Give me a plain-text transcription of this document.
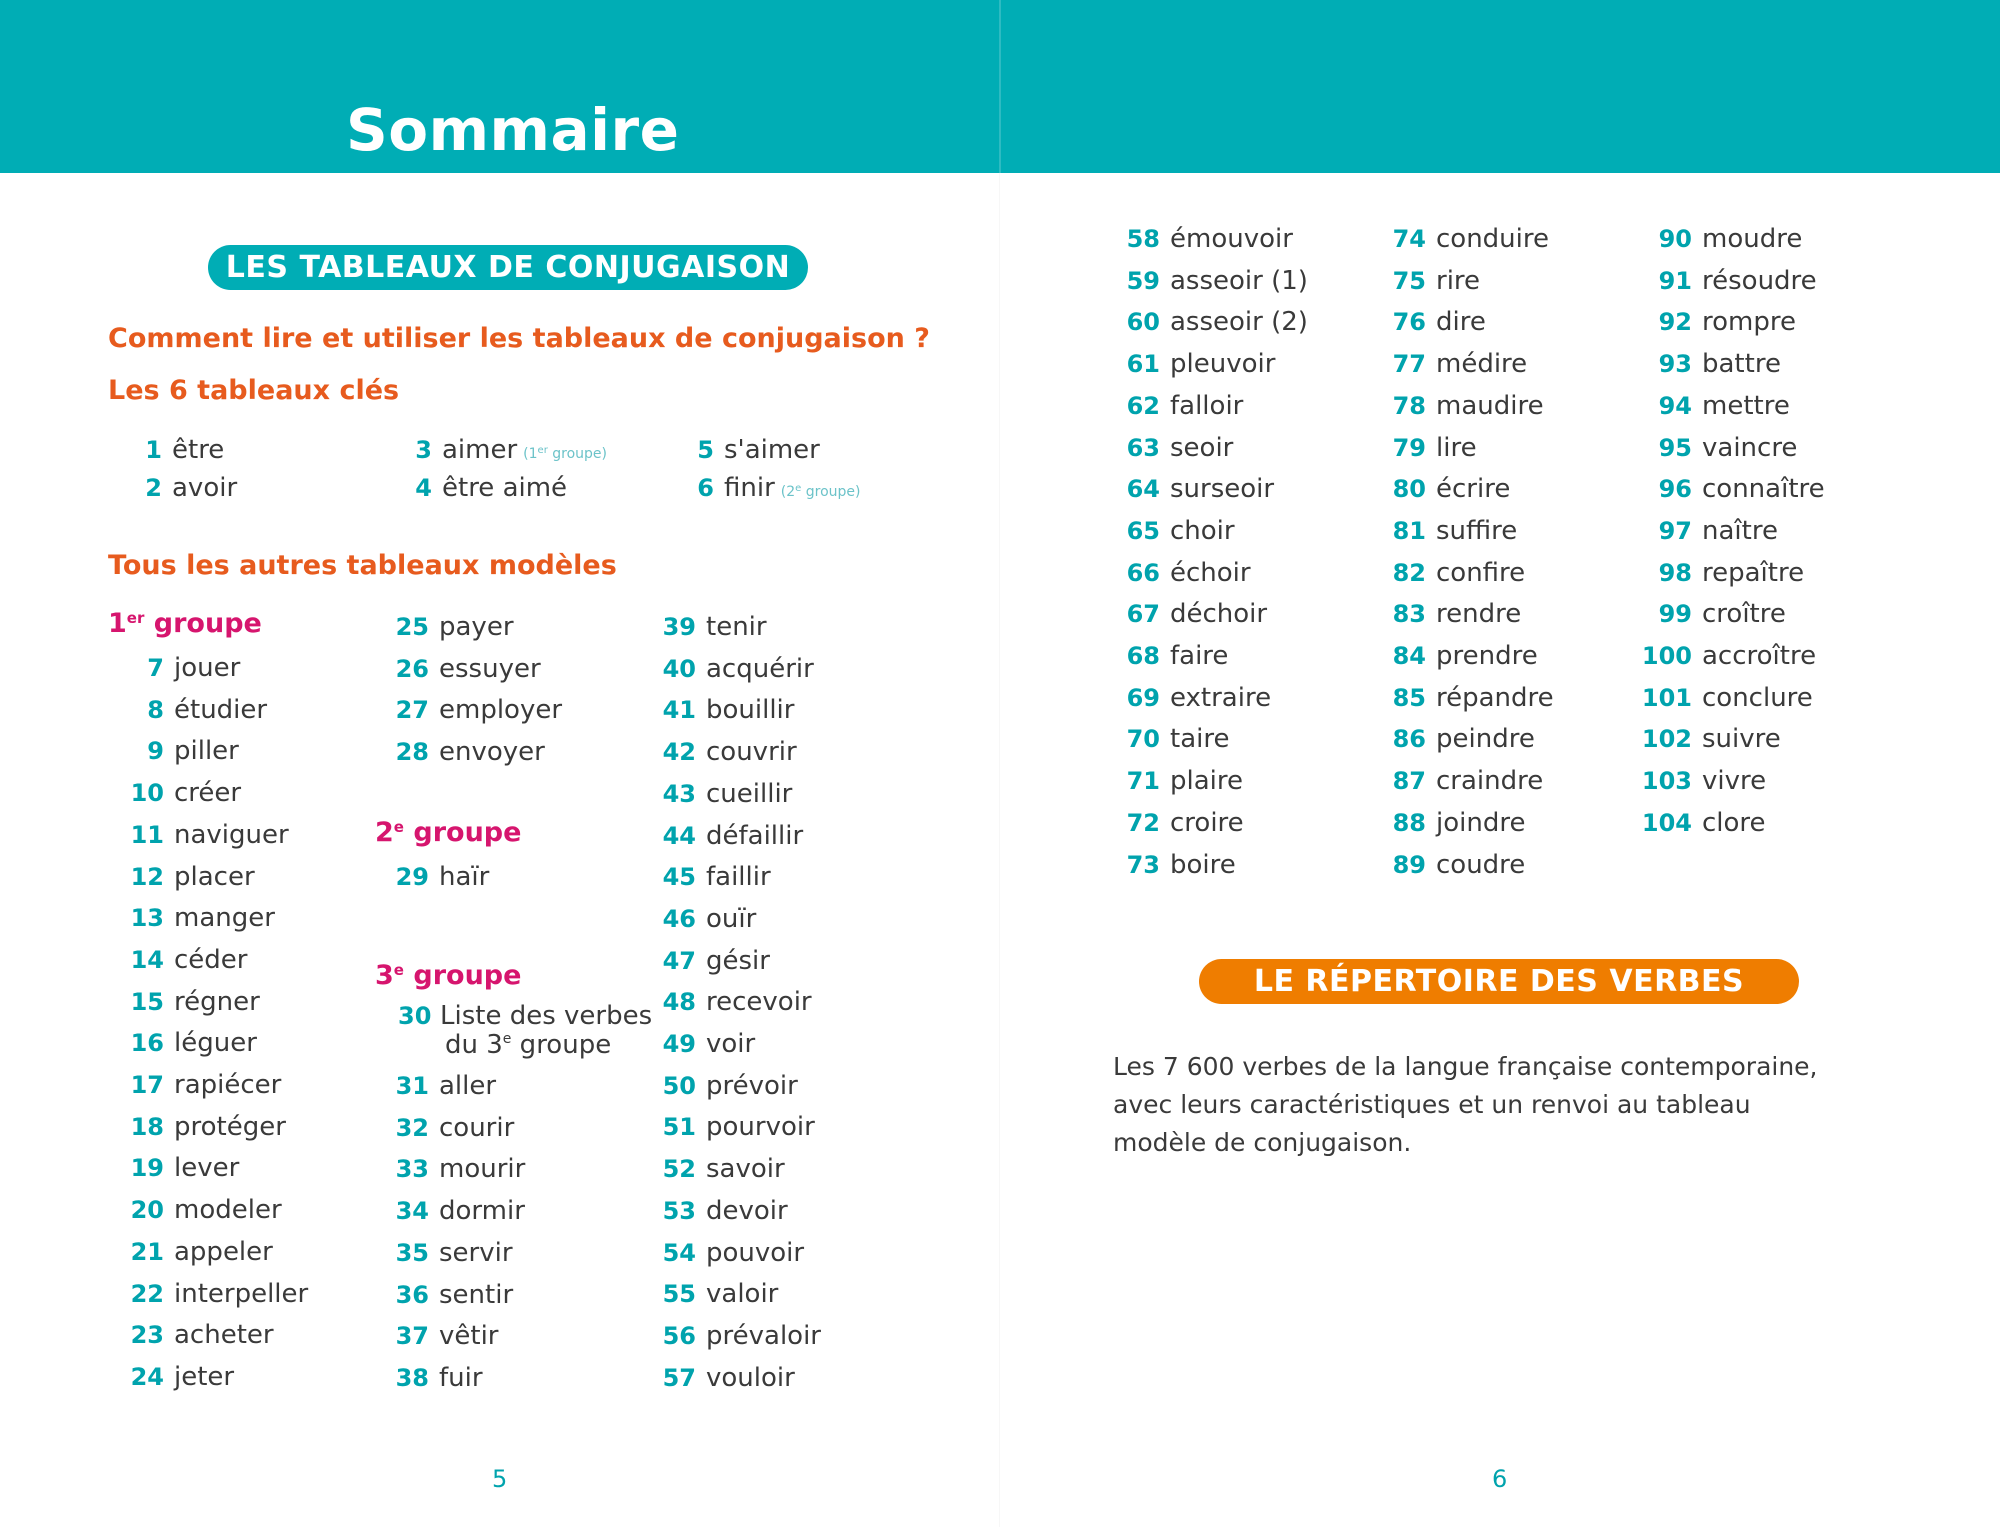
Sommaire
LES TABLEAUX DE CONJUGAISON
Comment lire et utiliser les tableaux de conjugaison ?
Les 6 tableaux clés
1 être
2 avoir
3 aimer (1er groupe)
4 être aimé
5 s'aimer
6 finir (2e groupe)
Tous les autres tableaux modèles
1er groupe
2e groupe
3e groupe
30 Liste des verbes
du 3e groupe
Les 7 600 verbes de la langue française contemporaine, avec leurs caractéristiques et un renvoi au tableau modèle de conjugaison.
LE RÉPERTOIRE DES VERBES
5	6
7 jouer
8 étudier
9 piller
10 créer
11 naviguer
12 placer
13 manger
14 céder
15 régner
16 léguer
17 rapiécer
18 protéger
19 lever
20 modeler
21 appeler
22 interpeller
23 acheter
24 jeter
25 payer
26 essuyer
27 employer
28 envoyer
29 haïr
31 aller
32 courir
33 mourir
34 dormir
35 servir
36 sentir
37 vêtir
38 fuir
39 tenir
40 acquérir
41 bouillir
42 couvrir
43 cueillir
44 défaillir
45 faillir
46 ouïr
47 gésir
48 recevoir
49 voir
50 prévoir
51 pourvoir
52 savoir
53 devoir
54 pouvoir
55 valoir
56 prévaloir
57 vouloir
58 émouvoir
59 asseoir (1)
60 asseoir (2)
61 pleuvoir
62 falloir
63 seoir
64 surseoir
65 choir
66 échoir
67 déchoir
68 faire
69 extraire
70 taire
71 plaire
72 croire
73 boire
74 conduire
75 rire
76 dire
77 médire
78 maudire
79 lire
80 écrire
81 suffire
82 confire
83 rendre
84 prendre
85 répandre
86 peindre
87 craindre
88 joindre
89 coudre
90 moudre
91 résoudre
92 rompre
93 battre
94 mettre
95 vaincre
96 connaître
97 naître
98 repaître
99 croître
100 accroître
101 conclure
102 suivre
103 vivre
104 clore
